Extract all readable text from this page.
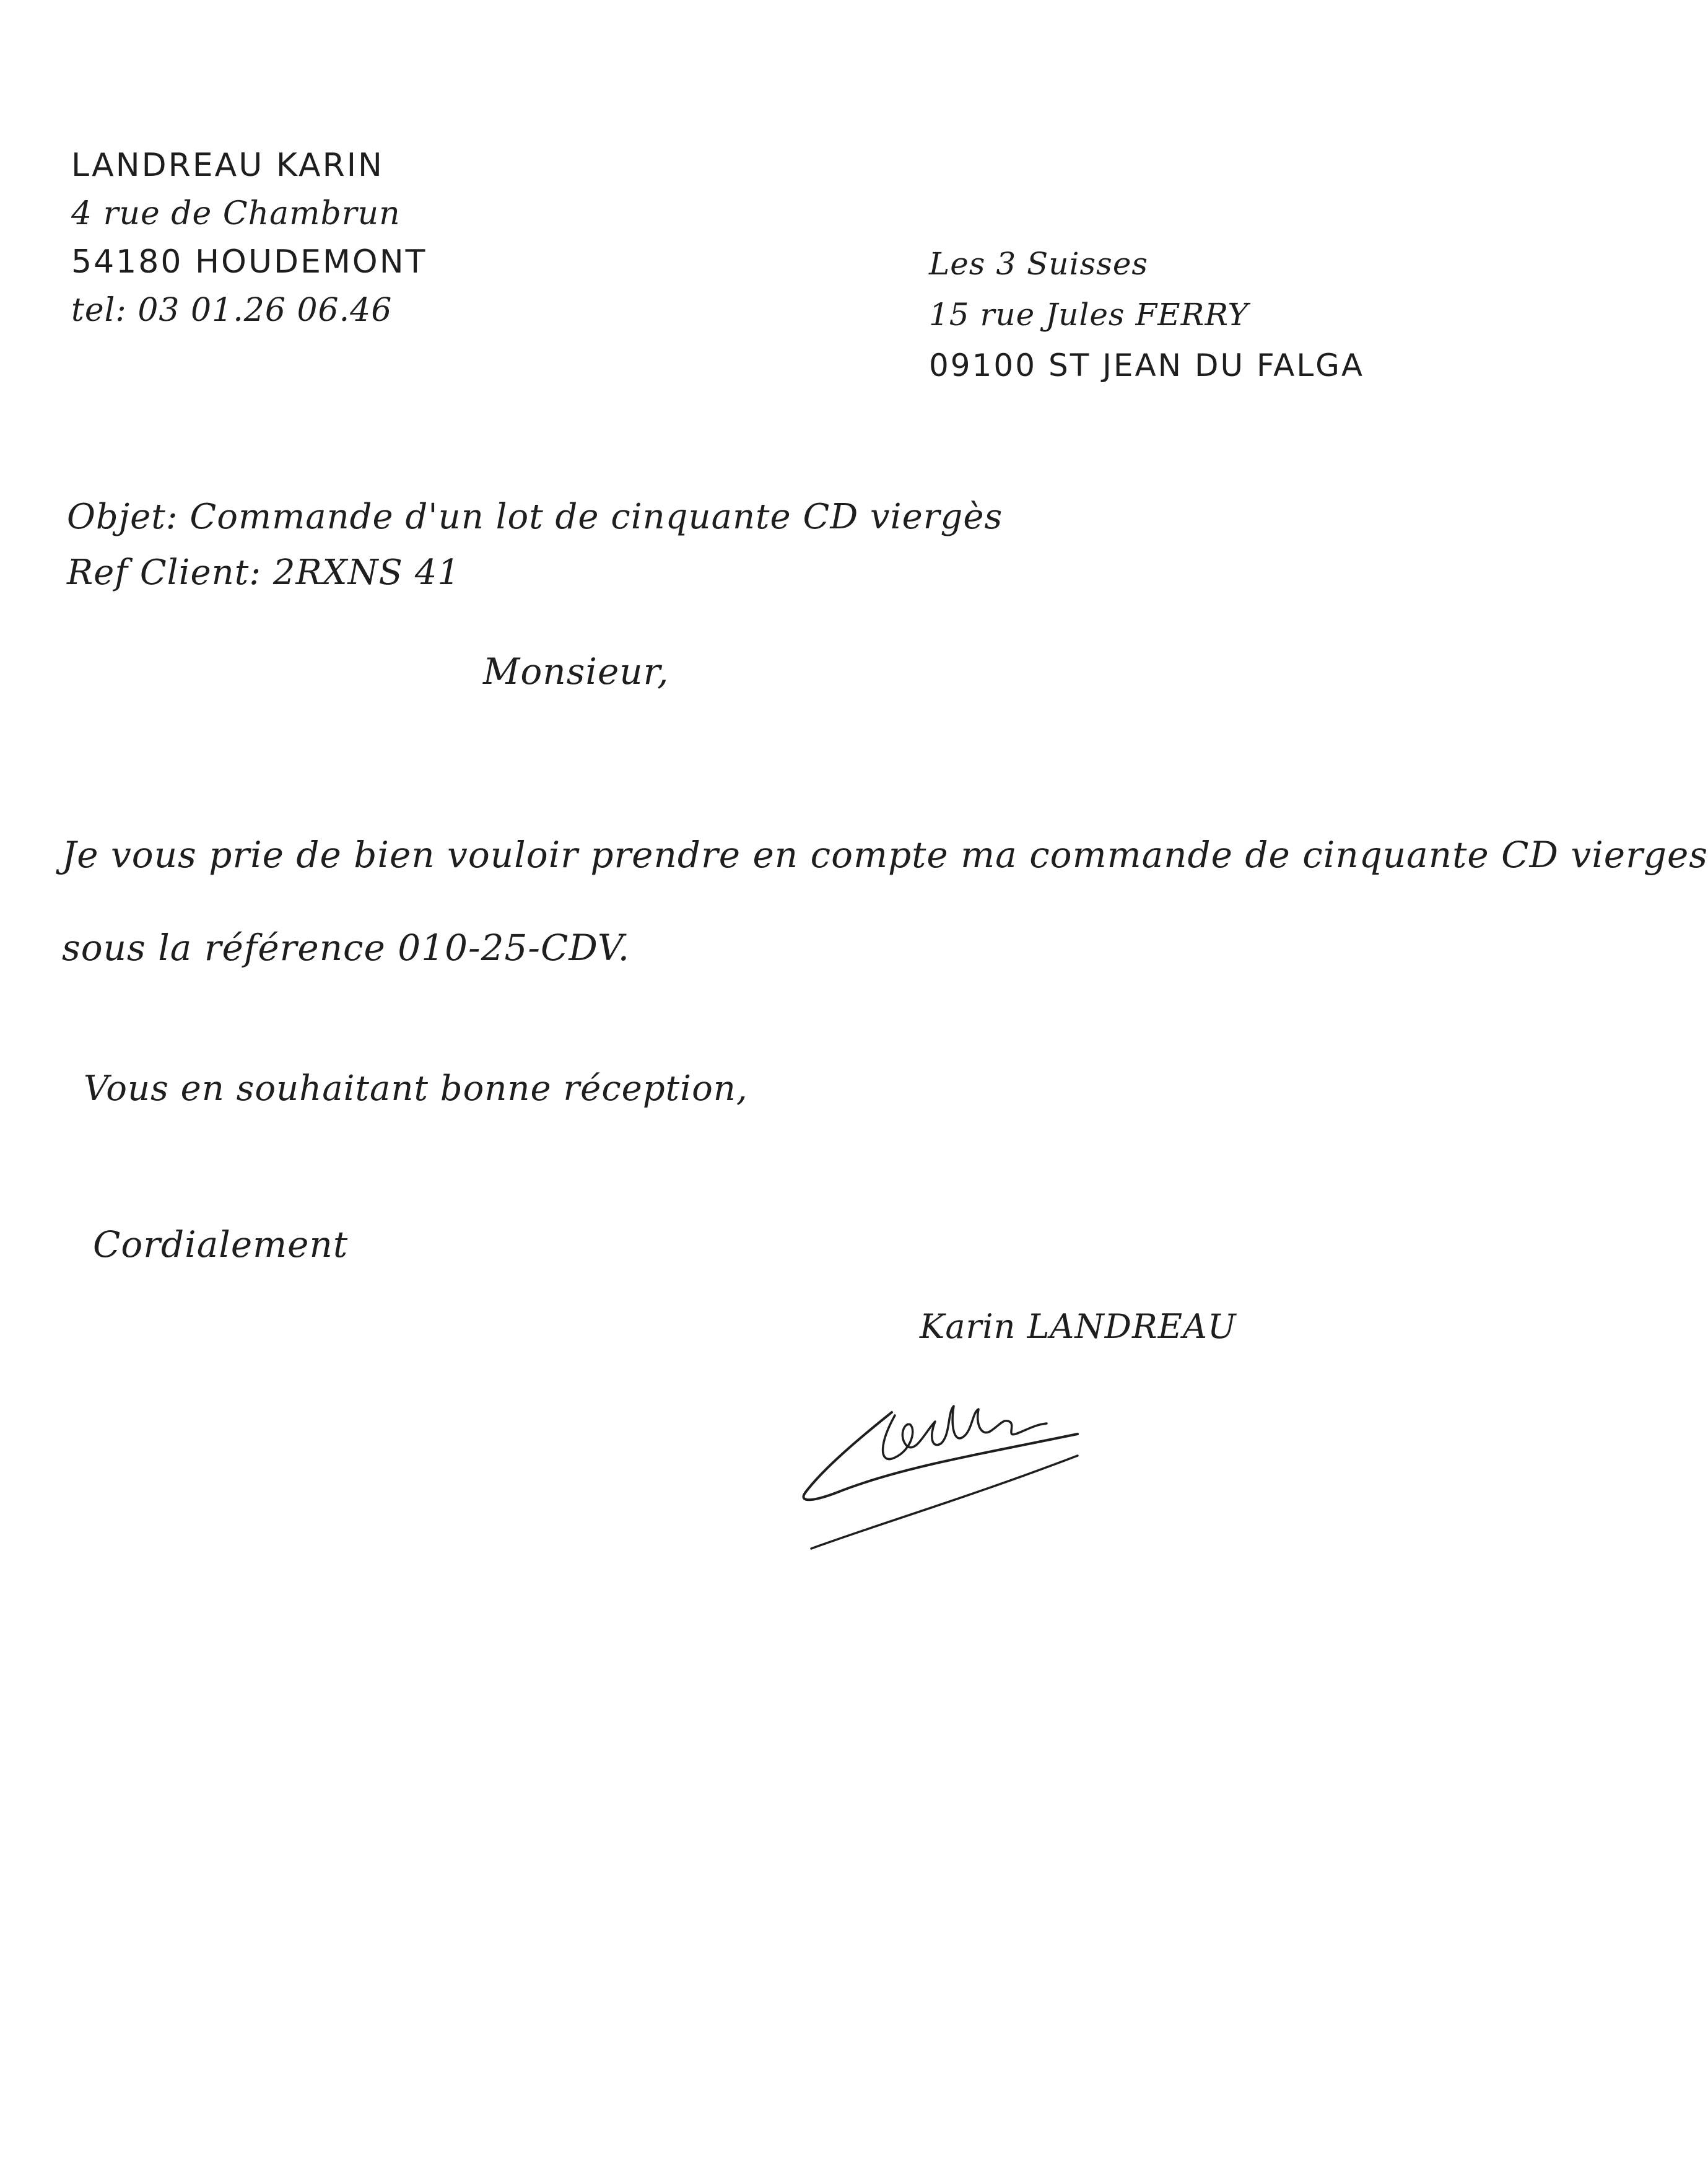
LANDREAU KARIN
4 rue de Chambrun
54180 HOUDEMONT
tel: 03 01.26 06.46
Les 3 Suisses
15 rue Jules FERRY
09100 ST JEAN DU FALGA
Objet: Commande d'un lot de cinquante CD viergès
Ref Client: 2RXNS 41
Monsieur,
Je vous prie de bien vouloir prendre en compte ma commande de cinquante CD vierges
sous la référence 010-25-CDV.
Vous en souhaitant bonne réception,
Cordialement
Karin LANDREAU
